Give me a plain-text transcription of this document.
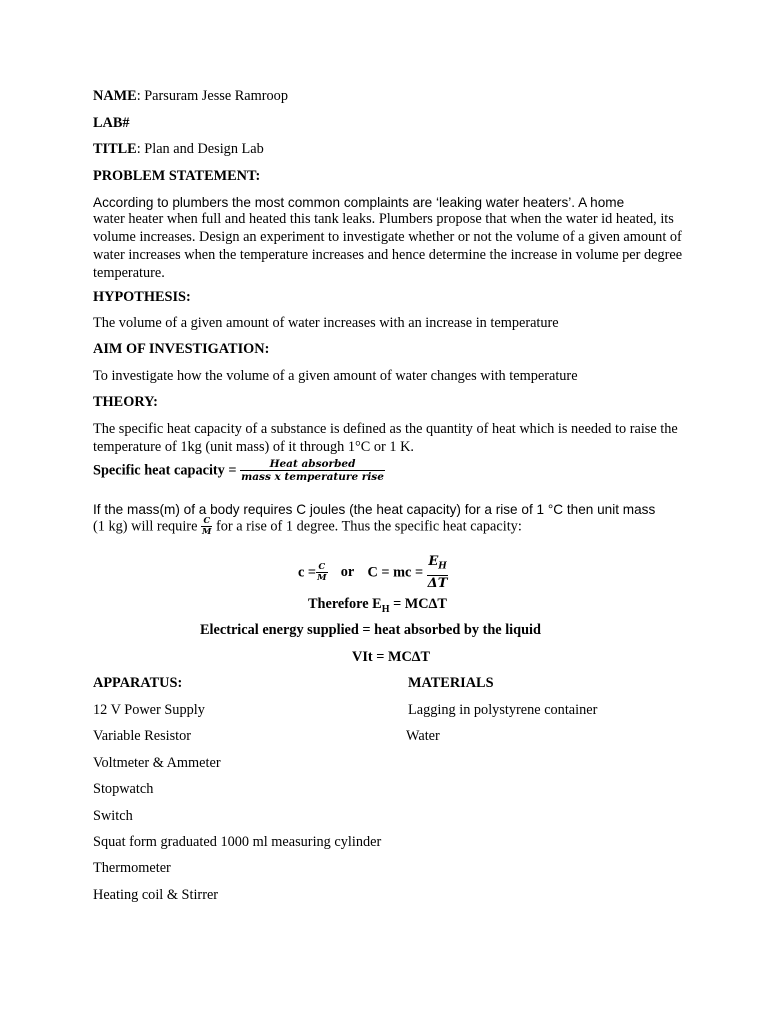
NAME: Parsuram Jesse Ramroop
LAB#
TITLE: Plan and Design Lab
PROBLEM STATEMENT:
According to plumbers the most common complaints are ‘leaking water heaters’. A home
water heater when full and heated this tank leaks. Plumbers propose that when the water id heated, its volume increases. Design an experiment to investigate whether or not the volume of a given amount of water increases when the temperature increases and hence determine the increase in volume per degree temperature.
HYPOTHESIS:
The volume of a given amount of water increases with an increase in temperature
AIM OF INVESTIGATION:
To investigate how the volume of a given amount of water changes with temperature
THEORY:
The specific heat capacity of a substance is defined as the quantity of heat which is needed to raise the temperature of 1kg (unit mass) of it through 1°C or 1 K.
Specific heat capacity = $\frac{\text{Heat absorbed}}{\text{mass x temperature rise}}$
If the mass(m) of a body requires C joules (the heat capacity) for a rise of 1 °C then unit mass
(1 kg) will require $\frac{C}{M}$ for a rise of 1 degree. Thus the specific heat capacity:
$c = \frac{C}{M}$ or C = mc = $\frac{E_H}{\Delta T}$
Therefore $E_H = MC\Delta T$
Electrical energy supplied = heat absorbed by the liquid
VIt = MC∆T
APPARATUS:	MATERIALS
12 V Power Supply
Variable Resistor
Voltmeter & Ammeter
Stopwatch
Switch
Squat form graduated 1000 ml measuring cylinder
Thermometer
Heating coil & Stirrer
Lagging in polystyrene container
Water
